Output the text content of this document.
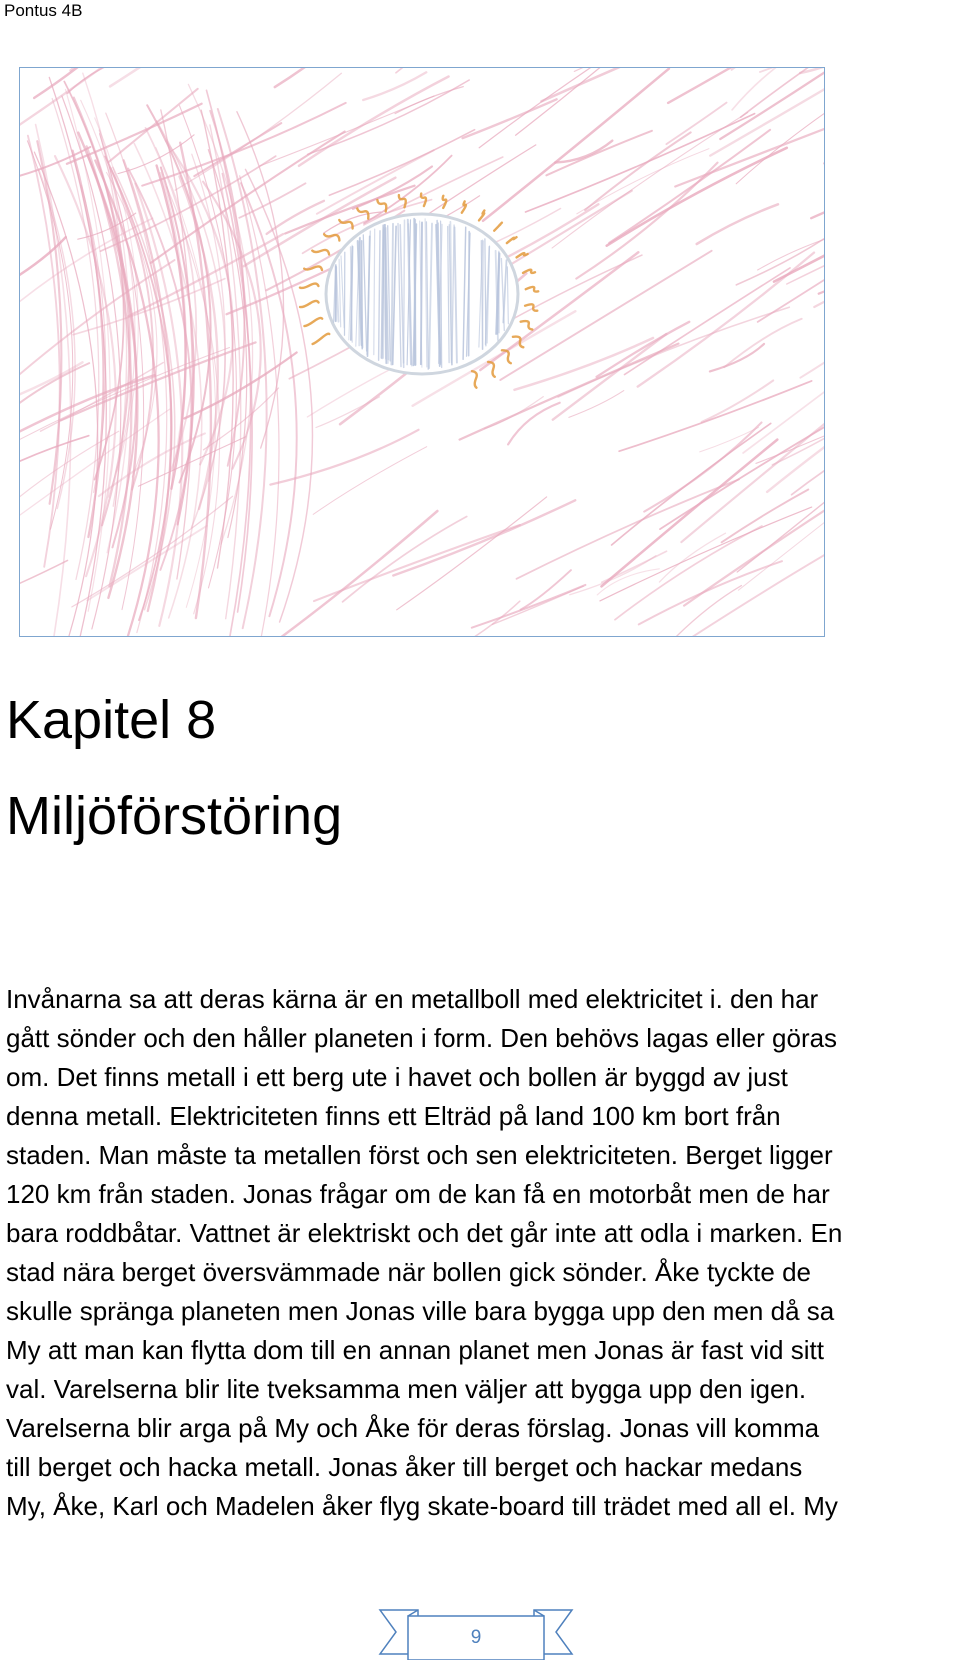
Pontus 4B
Kapitel 8
Miljöförstöring
Invånarna sa att deras kärna är en metallboll med elektricitet i. den har
gått sönder och den håller planeten i form. Den behövs lagas eller göras
om. Det finns metall i ett berg ute i havet och bollen är byggd av just
denna metall. Elektriciteten finns ett Elträd på land 100 km bort från
staden. Man måste ta metallen först och sen elektriciteten. Berget ligger
120 km från staden. Jonas frågar om de kan få en motorbåt men de har
bara roddbåtar. Vattnet är elektriskt och det går inte att odla i marken. En
stad nära berget översvämmade när bollen gick sönder. Åke tyckte de
skulle spränga planeten men Jonas ville bara bygga upp den men då sa
My att man kan flytta dom till en annan planet men Jonas är fast vid sitt
val. Varelserna blir lite tveksamma men väljer att bygga upp den igen.
Varelserna blir arga på My och Åke för deras förslag. Jonas vill komma
till berget och hacka metall. Jonas åker till berget och hackar medans
My, Åke, Karl och Madelen åker flyg skate-board till trädet med all el. My
9
